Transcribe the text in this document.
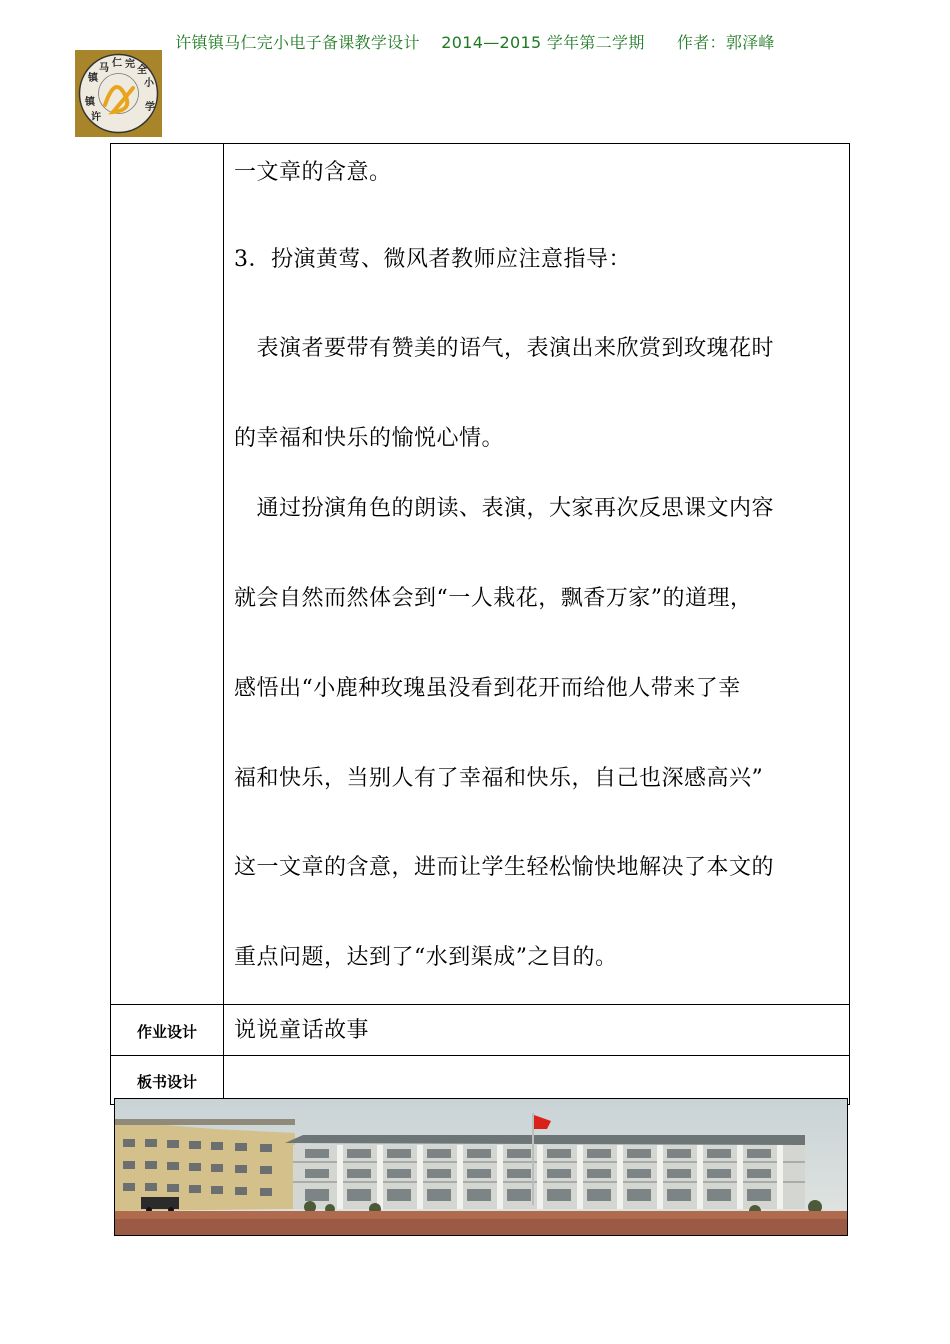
许镇镇马仁完小电子备课教学设计    2014—2015 学年第二学期      作者：郭泽峰
镇
马 仁 完
全
小
学
镇
许
一文章的含意。
3．扮演黄莺、微风者教师应注意指导：
　表演者要带有赞美的语气，表演出来欣赏到玫瑰花时
的幸福和快乐的愉悦心情。
　通过扮演角色的朗读、表演，大家再次反思课文内容
就会自然而然体会到“一人栽花，飘香万家”的道理，
感悟出“小鹿种玫瑰虽没看到花开而给他人带来了幸
福和快乐，当别人有了幸福和快乐，自己也深感高兴”
这一文章的含意，进而让学生轻松愉快地解决了本文的
重点问题，达到了“水到渠成”之目的。
作业设计	说说童话故事
板书设计
